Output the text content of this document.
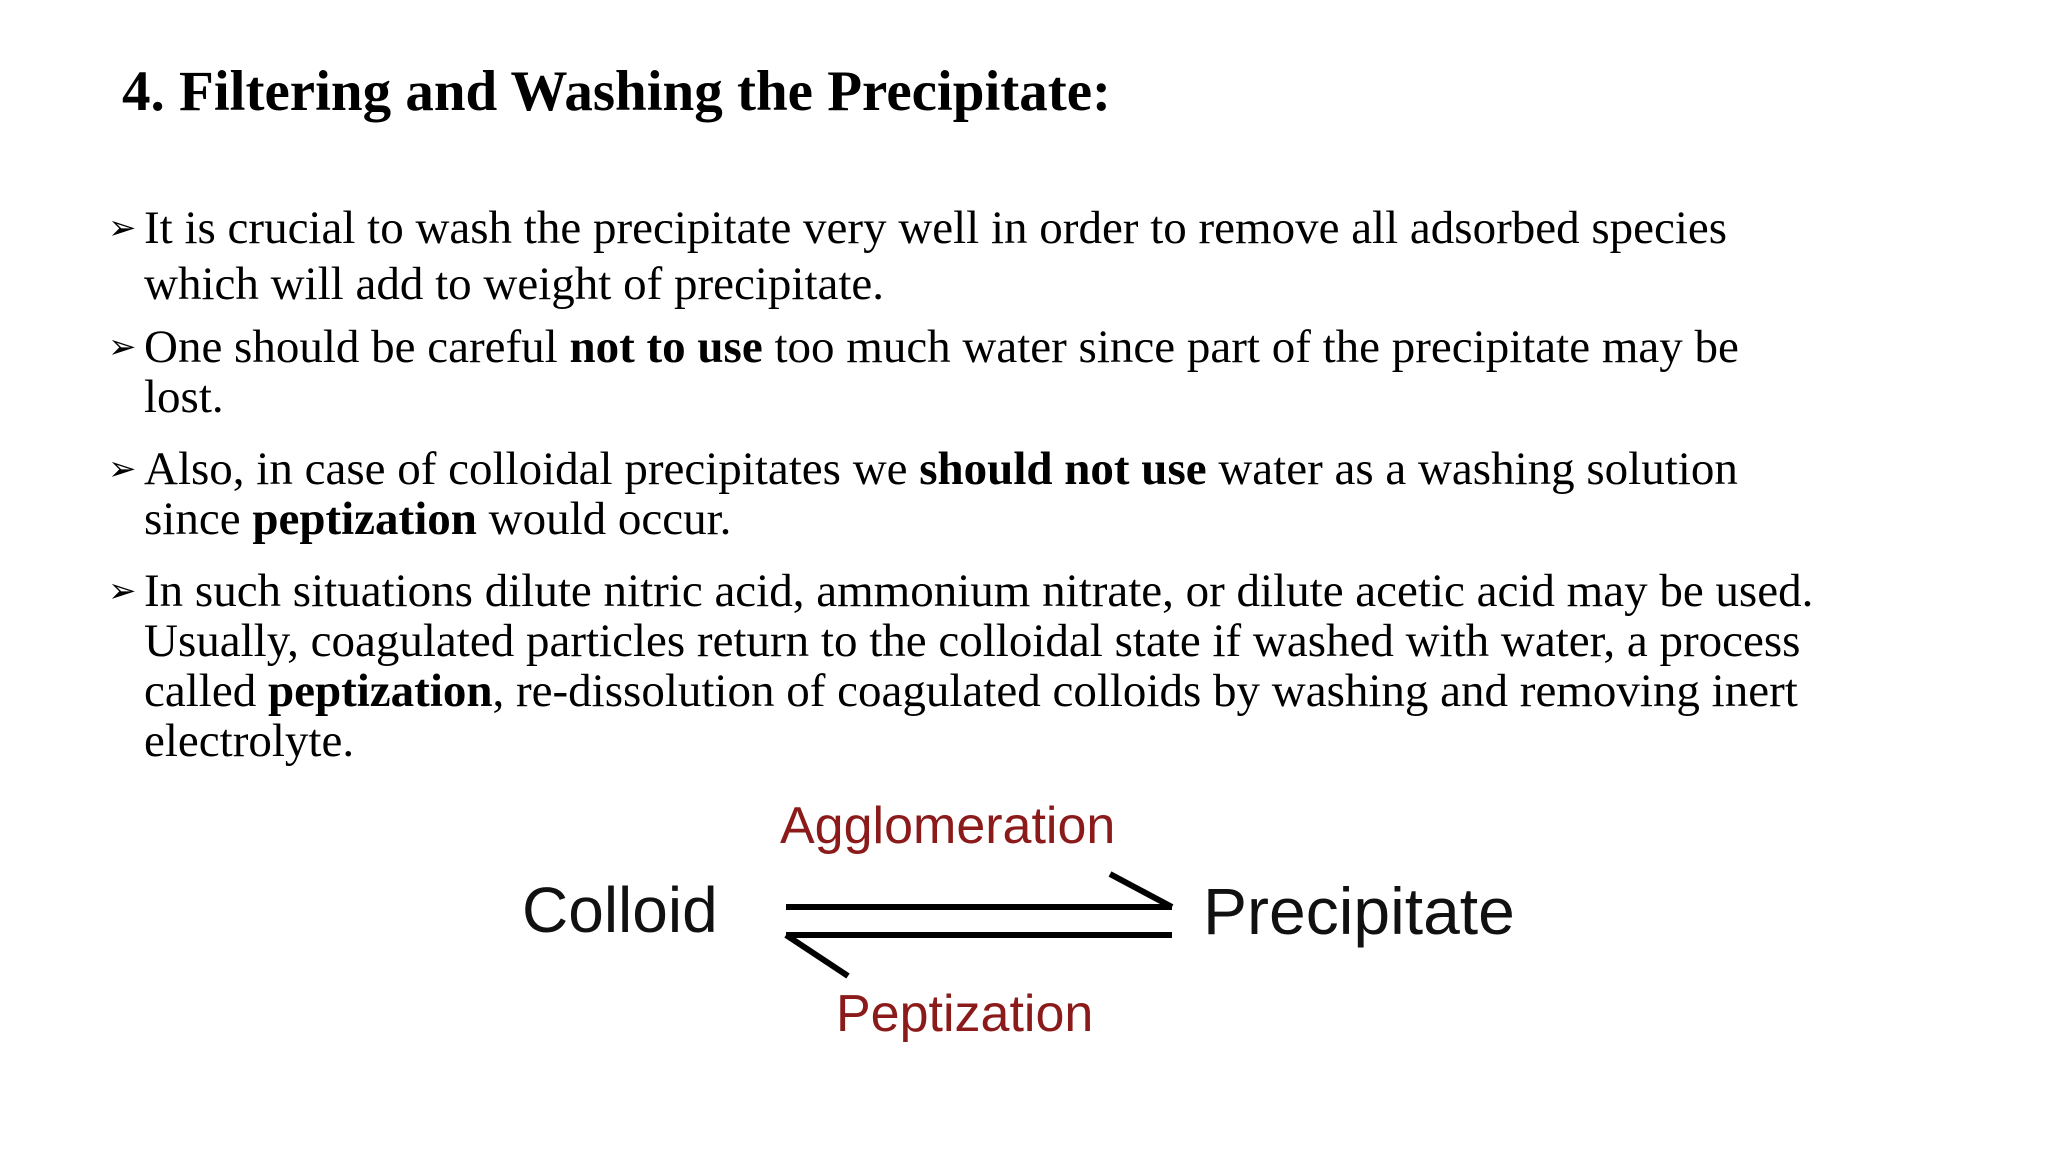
4. Filtering and Washing the Precipitate:
➢ It is crucial to wash the precipitate very well in order to remove all adsorbed species
which will add to weight of precipitate.
➢ One should be careful not to use too much water since part of the precipitate may be
lost.
➢ Also, in case of colloidal precipitates we should not use water as a washing solution
since peptization would occur.
➢ In such situations dilute nitric acid, ammonium nitrate, or dilute acetic acid may be used.
Usually, coagulated particles return to the colloidal state if washed with water, a process
called peptization, re-dissolution of coagulated colloids by washing and removing inert
electrolyte.
Agglomeration
Colloid	Precipitate
Peptization
